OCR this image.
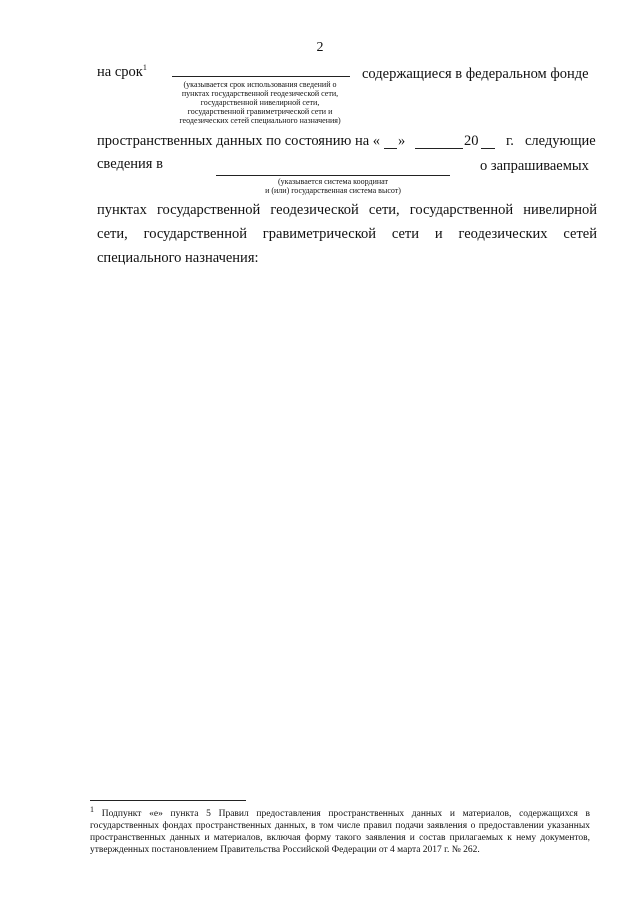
2
на срок$^1$
(указывается срок использования сведений о
пунктах государственной геодезической сети,
государственной нивелирной сети,
государственной гравиметрической сети и
геодезических сетей специального назначения)
содержащиеся в федеральном фонде
пространственных данных по состоянию на « »	20 г. следующие
сведения в
(указывается система координат
и (или) государственная система высот)
о запрашиваемых
пунктах государственной геодезической сети, государственной нивелирной
сети, государственной гравиметрической сети и геодезических сетей
специального назначения:
$^1$ Подпункт «е» пункта 5 Правил предоставления пространственных данных и материалов, содержащихся в государственных фондах пространственных данных, в том числе правил подачи заявления о предоставлении указанных пространственных данных и материалов, включая форму такого заявления и состав прилагаемых к нему документов, утвержденных постановлением Правительства Российской Федерации от 4 марта 2017 г. № 262.
